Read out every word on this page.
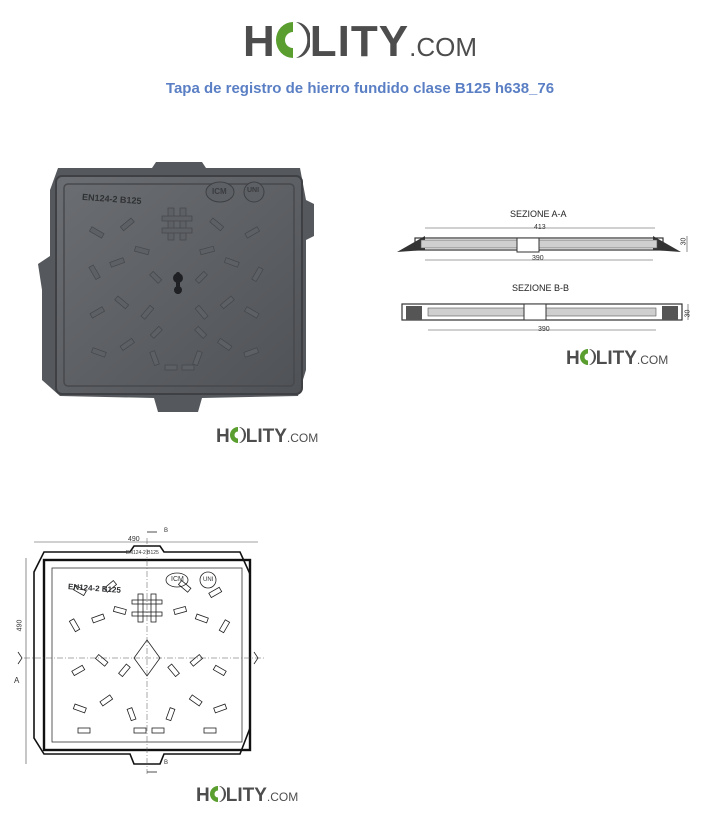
H LITY.COM
Tapa de registro de hierro fundido clase B125 h638_76
EN124-2 B125
ICM	UNI
H LITY.COM
SEZIONE A-A
413
390
30
SEZIONE B-B
390
30
H LITY.COM
490
490
A
B
B
EN124-2 B125
EN124-2 B125
ICM	UNI
H LITY.COM
